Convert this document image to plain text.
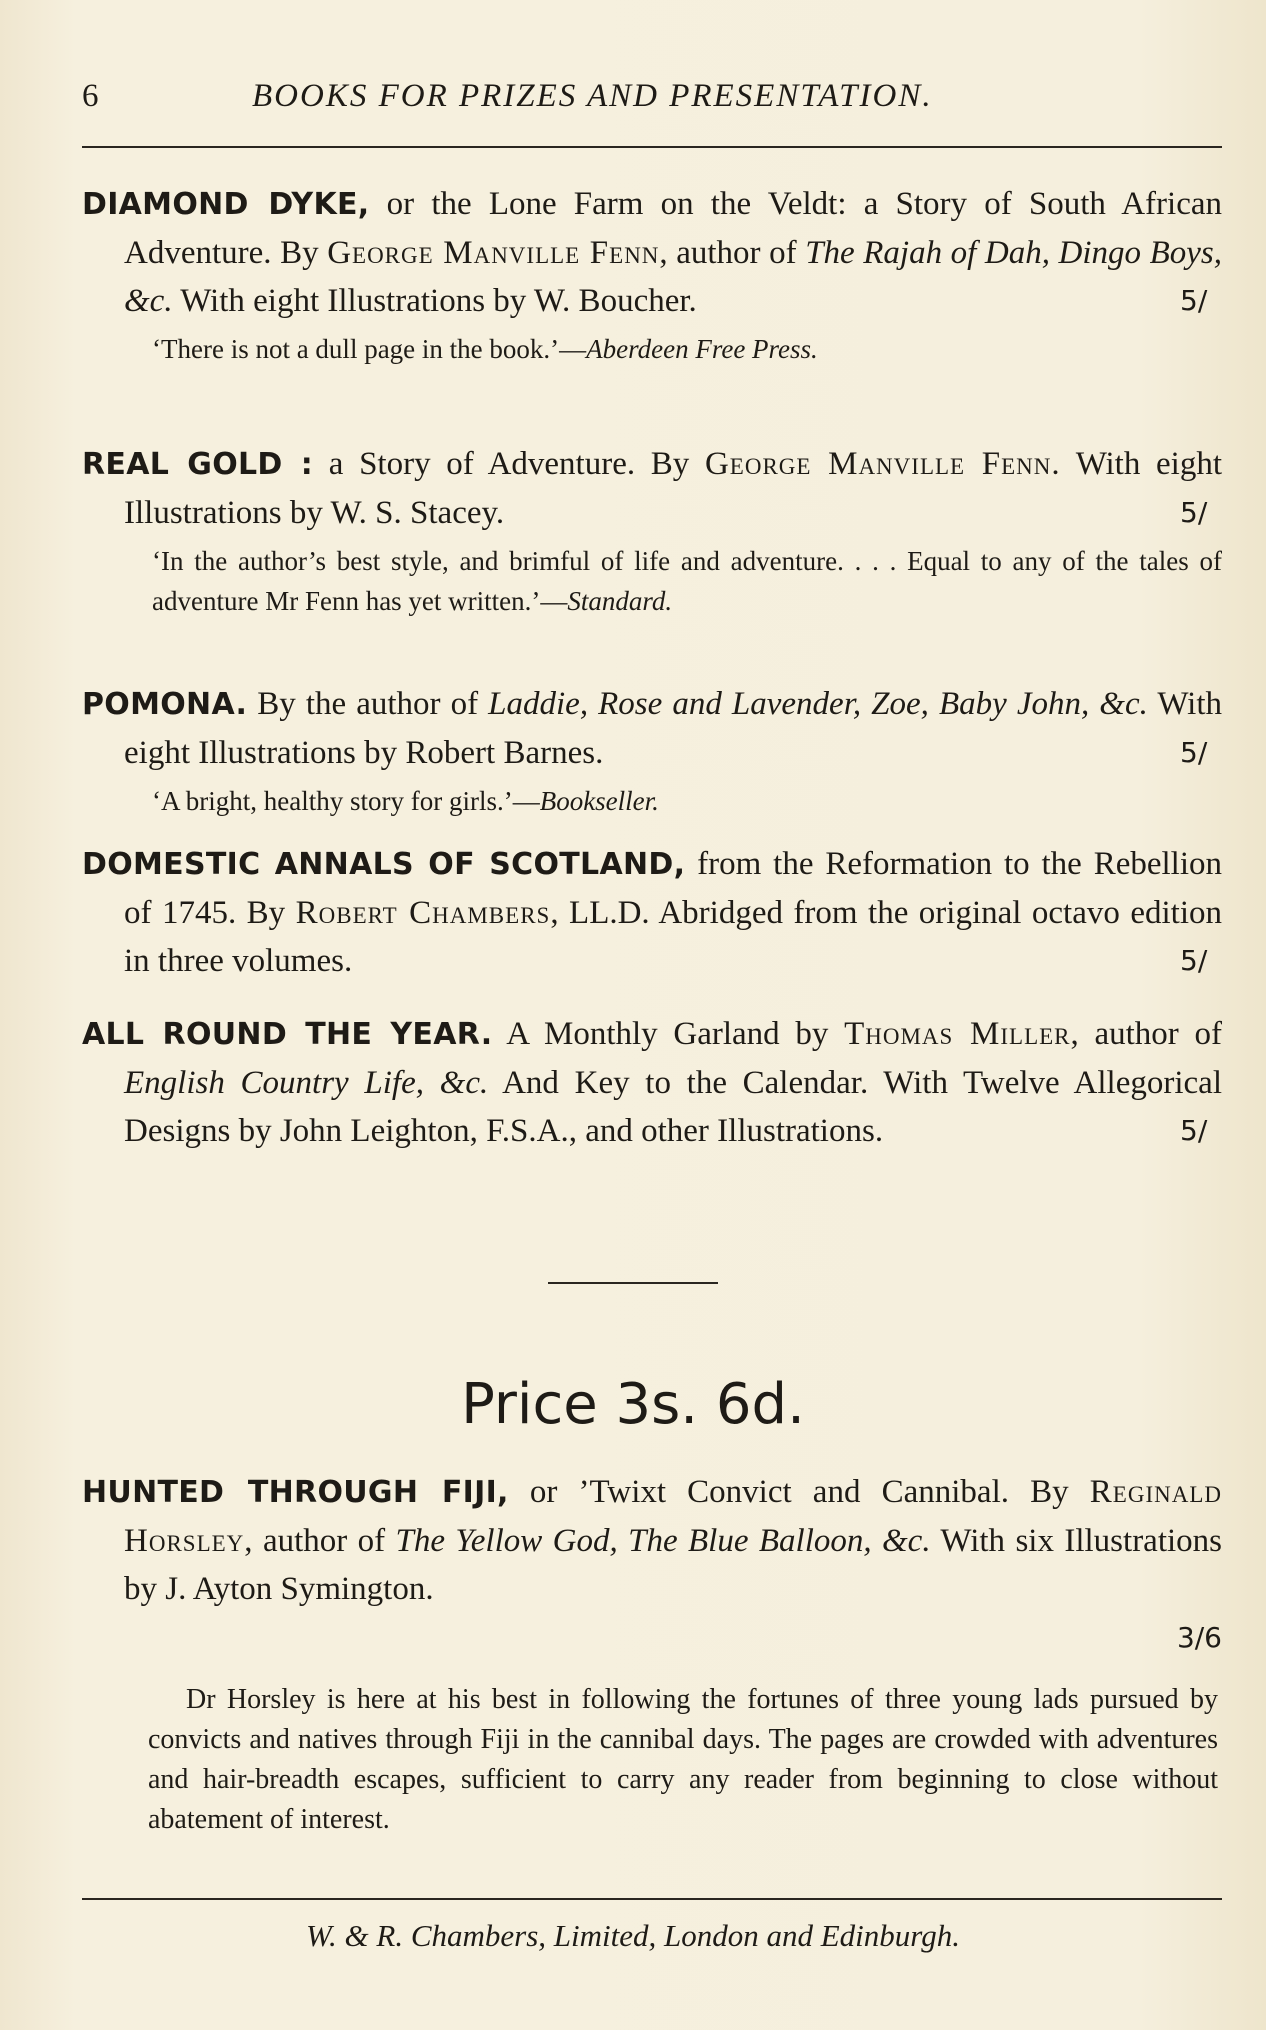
6	BOOKS FOR PRIZES AND PRESENTATION.
DIAMOND DYKE, or the Lone Farm on the Veldt: a Story of South African Adventure. By George Manville Fenn, author of The Rajah of Dah, Dingo Boys, &c. With eight Illustrations by W. Boucher.	5/
‘There is not a dull page in the book.’—Aberdeen Free Press.
REAL GOLD : a Story of Adventure. By George Manville Fenn. With eight Illustrations by W. S. Stacey.	5/
‘In the author’s best style, and brimful of life and adventure. . . . Equal to any of the tales of adventure Mr Fenn has yet written.’—Standard.
POMONA. By the author of Laddie, Rose and Lavender, Zoe, Baby John, &c. With eight Illustrations by Robert Barnes.	5/
‘A bright, healthy story for girls.’—Bookseller.
DOMESTIC ANNALS OF SCOTLAND, from the Reformation to the Rebellion of 1745. By Robert Chambers, LL.D. Abridged from the original octavo edition in three volumes.	5/
ALL ROUND THE YEAR. A Monthly Garland by Thomas Miller, author of English Country Life, &c. And Key to the Calendar. With Twelve Allegorical Designs by John Leighton, F.S.A., and other Illustrations.	5/
Price 3s. 6d.
HUNTED THROUGH FIJI, or ’Twixt Convict and Cannibal. By Reginald Horsley, author of The Yellow God, The Blue Balloon, &c. With six Illustrations by J. Ayton Symington.
3/6
Dr Horsley is here at his best in following the fortunes of three young lads pursued by convicts and natives through Fiji in the cannibal days. The pages are crowded with adventures and hair-breadth escapes, sufficient to carry any reader from beginning to close without abatement of interest.
W. & R. Chambers, Limited, London and Edinburgh.
